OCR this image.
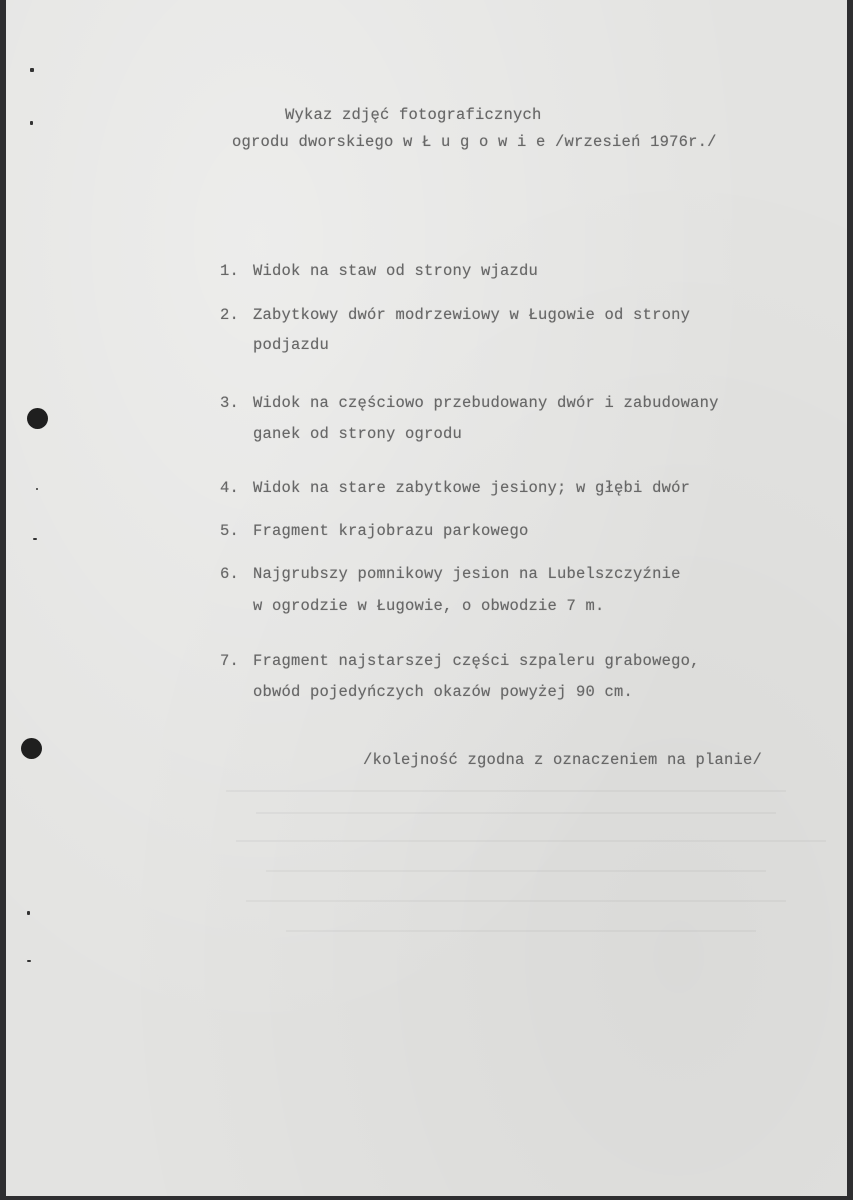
Wykaz zdjęć fotograficznych
ogrodu dworskiego w Ł u g o w i e /wrzesień 1976r./
1. Widok na staw od strony wjazdu
2. Zabytkowy dwór modrzewiowy w Ługowie od strony
podjazdu
3. Widok na częściowo przebudowany dwór i zabudowany
ganek od strony ogrodu
4. Widok na stare zabytkowe jesiony; w głębi dwór
5. Fragment krajobrazu parkowego
6. Najgrubszy pomnikowy jesion na Lubelszczyźnie
w ogrodzie w Ługowie, o obwodzie 7 m.
7. Fragment najstarszej części szpaleru grabowego,
obwód pojedyńczych okazów powyżej 90 cm.
/kolejność zgodna z oznaczeniem na planie/
